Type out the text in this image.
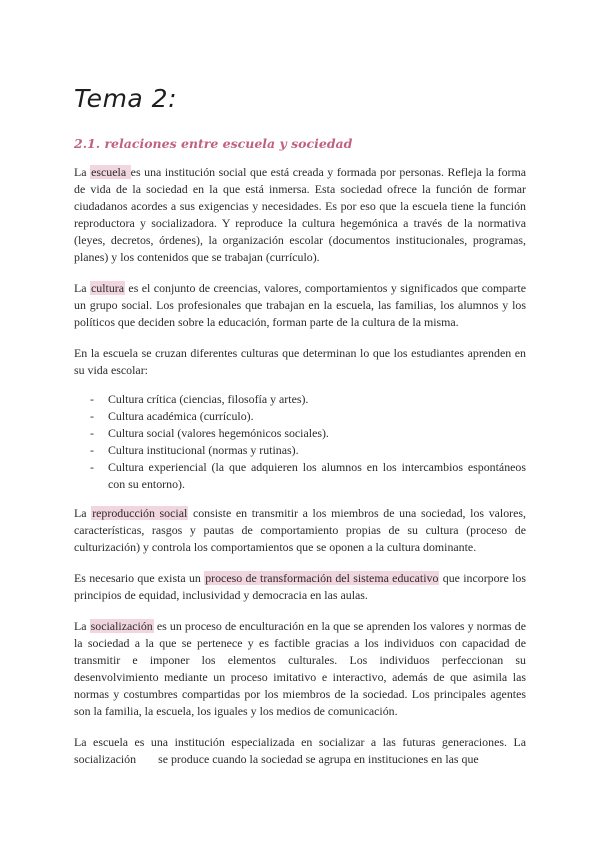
Tema 2:
2.1. relaciones entre escuela y sociedad

La escuela es una institución social que está creada y formada por personas. Refleja la forma de vida de la sociedad en la que está inmersa. Esta sociedad ofrece la función de formar ciudadanos acordes a sus exigencias y necesidades. Es por eso que la escuela tiene la función reproductora y socializadora. Y reproduce la cultura hegemónica a través de la normativa (leyes, decretos, órdenes), la organización escolar (documentos institucionales, programas, planes) y los contenidos que se trabajan (currículo).

La cultura es el conjunto de creencias, valores, comportamientos y significados que comparte un grupo social. Los profesionales que trabajan en la escuela, las familias, los alumnos y los políticos que deciden sobre la educación, forman parte de la cultura de la misma.

En la escuela se cruzan diferentes culturas que determinan lo que los estudiantes aprenden en su vida escolar:

- Cultura crítica (ciencias, filosofía y artes).
- Cultura académica (currículo).
- Cultura social (valores hegemónicos sociales).
- Cultura institucional (normas y rutinas).
- Cultura experiencial (la que adquieren los alumnos en los intercambios espontáneos con su entorno).

La reproducción social consiste en transmitir a los miembros de una sociedad, los valores, características, rasgos y pautas de comportamiento propias de su cultura (proceso de culturización) y controla los comportamientos que se oponen a la cultura dominante.

Es necesario que exista un proceso de transformación del sistema educativo que incorpore los principios de equidad, inclusividad y democracia en las aulas.

La socialización es un proceso de enculturación en la que se aprenden los valores y normas de la sociedad a la que se pertenece y es factible gracias a los individuos con capacidad de transmitir e imponer los elementos culturales. Los individuos perfeccionan su desenvolvimiento mediante un proceso imitativo e interactivo, además de que asimila las normas y costumbres compartidas por los miembros de la sociedad. Los principales agentes son la familia, la escuela, los iguales y los medios de comunicación.

La escuela es una institución especializada en socializar a las futuras generaciones. La socialización se produce cuando la sociedad se agrupa en instituciones en las que
